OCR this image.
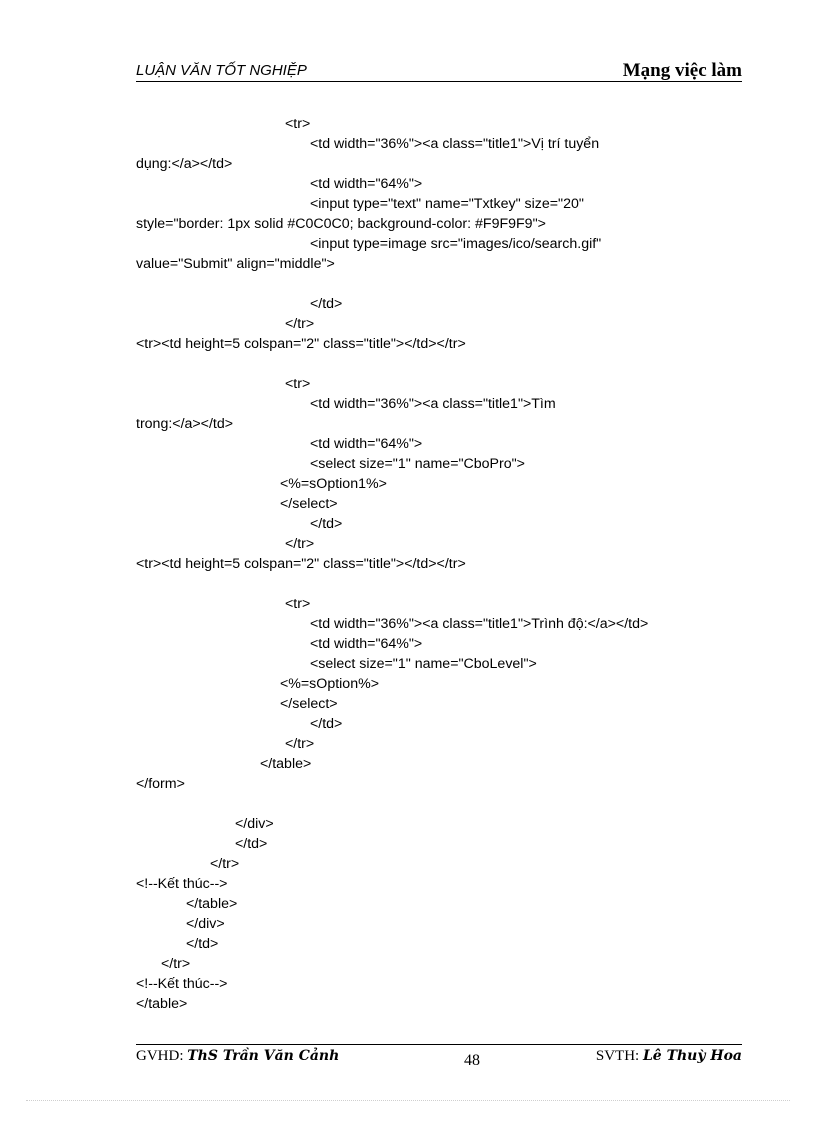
LUẬN VĂN TỐT NGHIỆP	Mạng việc làm
<tr>
<td width="36%"><a class="title1">Vị trí tuyển
dụng:</a></td>
<td width="64%">
<input type="text" name="Txtkey" size="20"
style="border: 1px solid #C0C0C0; background-color: #F9F9F9">
<input type=image src="images/ico/search.gif"
value="Submit" align="middle">
</td>
</tr>
<tr><td height=5 colspan="2" class="title"></td></tr>
<tr>
<td width="36%"><a class="title1">Tìm
trong:</a></td>
<td width="64%">
<select size="1" name="CboPro">
<%=sOption1%>
</select>
</td>
</tr>
<tr><td height=5 colspan="2" class="title"></td></tr>
<tr>
<td width="36%"><a class="title1">Trình độ:</a></td>
<td width="64%">
<select size="1" name="CboLevel">
<%=sOption%>
</select>
</td>
</tr>
</table>
</form>
</div>
</td>
</tr>
<!--Kết thúc-->
</table>
</div>
</td>
</tr>
<!--Kết thúc-->
</table>
GVHD: ThS Trần Văn Cảnh	48	SVTH: Lê Thuỳ Hoa
